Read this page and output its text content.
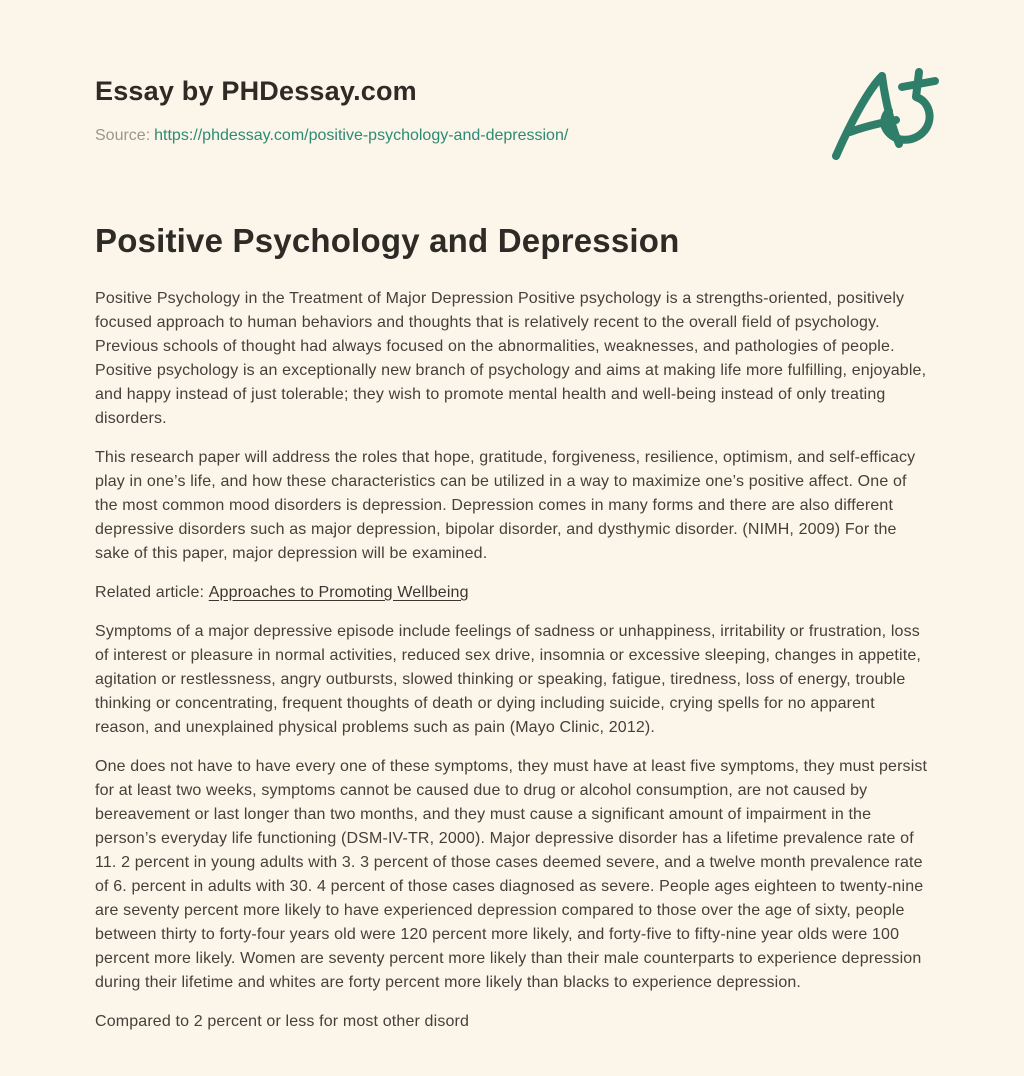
Essay by PHDessay.com

Source: https://phdessay.com/positive-psychology-and-depression/

Positive Psychology and Depression

Positive Psychology in the Treatment of Major Depression Positive psychology is a strengths-oriented, positively focused approach to human behaviors and thoughts that is relatively recent to the overall field of psychology. Previous schools of thought had always focused on the abnormalities, weaknesses, and pathologies of people. Positive psychology is an exceptionally new branch of psychology and aims at making life more fulfilling, enjoyable, and happy instead of just tolerable; they wish to promote mental health and well-being instead of only treating disorders.

This research paper will address the roles that hope, gratitude, forgiveness, resilience, optimism, and self-efficacy play in one’s life, and how these characteristics can be utilized in a way to maximize one’s positive affect. One of the most common mood disorders is depression. Depression comes in many forms and there are also different depressive disorders such as major depression, bipolar disorder, and dysthymic disorder. (NIMH, 2009) For the sake of this paper, major depression will be examined.

Related article: Approaches to Promoting Wellbeing

Symptoms of a major depressive episode include feelings of sadness or unhappiness, irritability or frustration, loss of interest or pleasure in normal activities, reduced sex drive, insomnia or excessive sleeping, changes in appetite, agitation or restlessness, angry outbursts, slowed thinking or speaking, fatigue, tiredness, loss of energy, trouble thinking or concentrating, frequent thoughts of death or dying including suicide, crying spells for no apparent reason, and unexplained physical problems such as pain (Mayo Clinic, 2012).

One does not have to have every one of these symptoms, they must have at least five symptoms, they must persist for at least two weeks, symptoms cannot be caused due to drug or alcohol consumption, are not caused by bereavement or last longer than two months, and they must cause a significant amount of impairment in the person’s everyday life functioning (DSM-IV-TR, 2000). Major depressive disorder has a lifetime prevalence rate of 11. 2 percent in young adults with 3. 3 percent of those cases deemed severe, and a twelve month prevalence rate of 6. percent in adults with 30. 4 percent of those cases diagnosed as severe. People ages eighteen to twenty-nine are seventy percent more likely to have experienced depression compared to those over the age of sixty, people between thirty to forty-four years old were 120 percent more likely, and forty-five to fifty-nine year olds were 100 percent more likely. Women are seventy percent more likely than their male counterparts to experience depression during their lifetime and whites are forty percent more likely than blacks to experience depression.

Compared to 2 percent or less for most other disord
